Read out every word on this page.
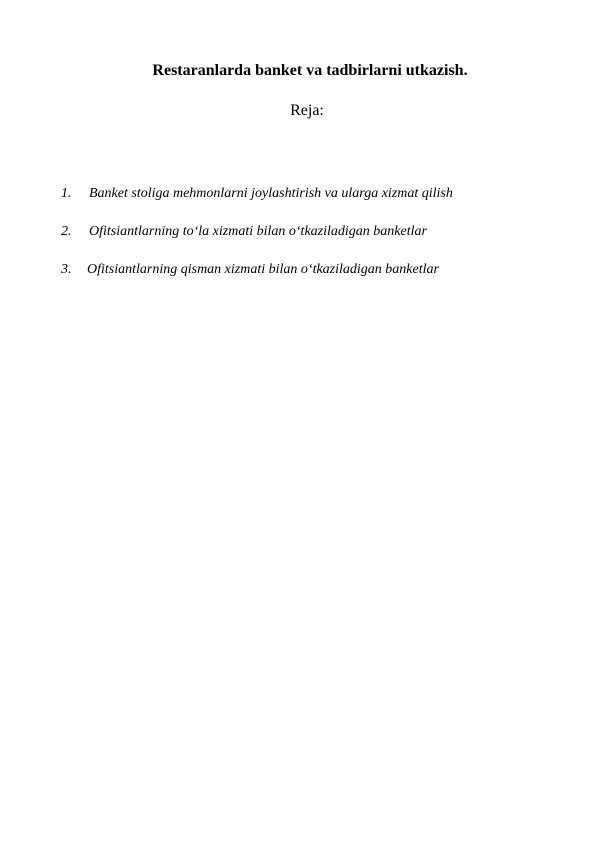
Restaranlarda banket va tadbirlarni utkazish.
Reja:
1. Banket stoliga mehmonlarni joylashtirish va ularga xizmat qilish
2. Ofitsiantlarning to‘la xizmati bilan o‘tkaziladigan banketlar
3. Ofitsiantlarning qisman xizmati bilan o‘tkaziladigan banketlar
